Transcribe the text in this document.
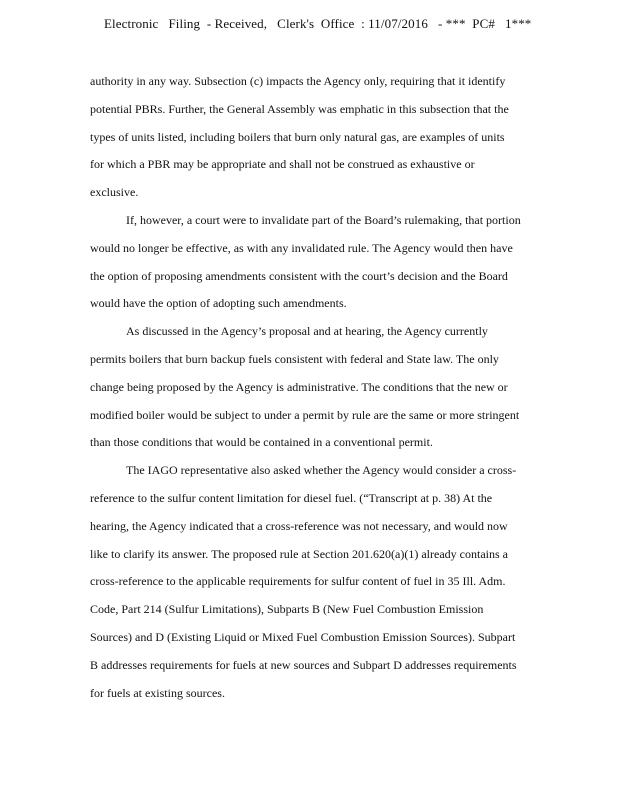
Electronic   Filing  - Received,   Clerk's  Office  : 11/07/2016   - ***  PC#   1***

authority in any way. Subsection (c) impacts the Agency only, requiring that it identify
potential PBRs. Further, the General Assembly was emphatic in this subsection that the
types of units listed, including boilers that burn only natural gas, are examples of units
for which a PBR may be appropriate and shall not be construed as exhaustive or
exclusive.

If, however, a court were to invalidate part of the Board’s rulemaking, that portion
would no longer be effective, as with any invalidated rule. The Agency would then have
the option of proposing amendments consistent with the court’s decision and the Board
would have the option of adopting such amendments.

As discussed in the Agency’s proposal and at hearing, the Agency currently
permits boilers that burn backup fuels consistent with federal and State law. The only
change being proposed by the Agency is administrative. The conditions that the new or
modified boiler would be subject to under a permit by rule are the same or more stringent
than those conditions that would be contained in a conventional permit.

The IAGO representative also asked whether the Agency would consider a cross-
reference to the sulfur content limitation for diesel fuel. (“Transcript at p. 38) At the
hearing, the Agency indicated that a cross-reference was not necessary, and would now
like to clarify its answer. The proposed rule at Section 201.620(a)(1) already contains a
cross-reference to the applicable requirements for sulfur content of fuel in 35 Ill. Adm.
Code, Part 214 (Sulfur Limitations), Subparts B (New Fuel Combustion Emission
Sources) and D (Existing Liquid or Mixed Fuel Combustion Emission Sources). Subpart
B addresses requirements for fuels at new sources and Subpart D addresses requirements
for fuels at existing sources.
